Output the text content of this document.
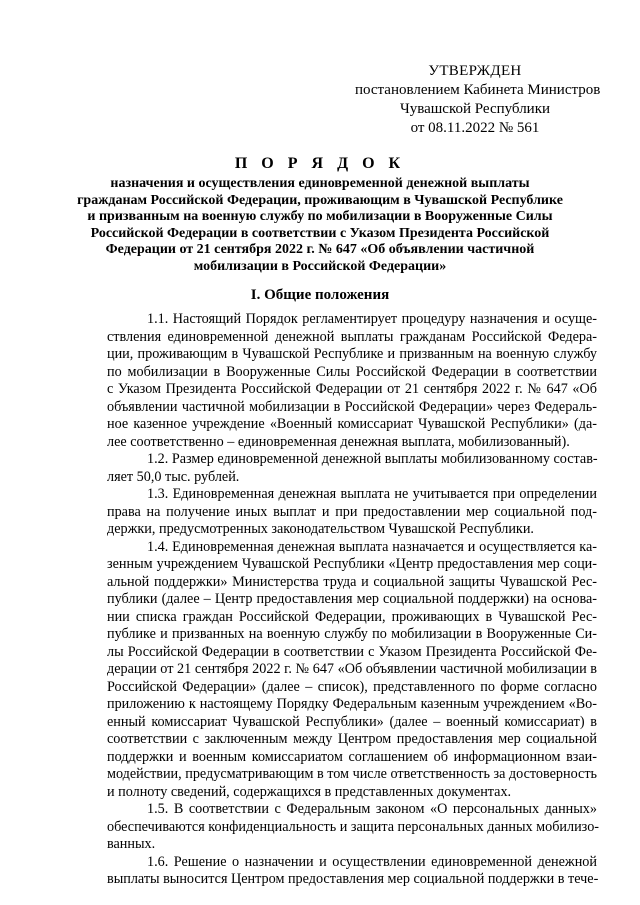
УТВЕРЖДЕН
постановлением Кабинета Министров
Чувашской Республики
от 08.11.2022 № 561
П О Р Я Д О К
назначения и осуществления единовременной денежной выплаты
гражданам Российской Федерации, проживающим в Чувашской Республике
и призванным на военную службу по мобилизации в Вооруженные Силы
Российской Федерации в соответствии с Указом Президента Российской
Федерации от 21 сентября 2022 г. № 647 «Об объявлении частичной
мобилизации в Российской Федерации»
I. Общие положения
1.1. Настоящий Порядок регламентирует процедуру назначения и осуще-
ствления единовременной денежной выплаты гражданам Российской Федера-
ции, проживающим в Чувашской Республике и призванным на военную службу
по мобилизации в Вооруженные Силы Российской Федерации в соответствии
с Указом Президента Российской Федерации от 21 сентября 2022 г. № 647 «Об
объявлении частичной мобилизации в Российской Федерации» через Федераль-
ное казенное учреждение «Военный комиссариат Чувашской Республики» (да-
лее соответственно – единовременная денежная выплата, мобилизованный).
1.2. Размер единовременной денежной выплаты мобилизованному состав-
ляет 50,0 тыс. рублей.
1.3. Единовременная денежная выплата не учитывается при определении
права на получение иных выплат и при предоставлении мер социальной под-
держки, предусмотренных законодательством Чувашской Республики.
1.4. Единовременная денежная выплата назначается и осуществляется ка-
зенным учреждением Чувашской Республики «Центр предоставления мер соци-
альной поддержки» Министерства труда и социальной защиты Чувашской Рес-
публики (далее – Центр предоставления мер социальной поддержки) на основа-
нии списка граждан Российской Федерации, проживающих в Чувашской Рес-
публике и призванных на военную службу по мобилизации в Вооруженные Си-
лы Российской Федерации в соответствии с Указом Президента Российской Фе-
дерации от 21 сентября 2022 г. № 647 «Об объявлении частичной мобилизации в
Российской Федерации» (далее – список), представленного по форме согласно
приложению к настоящему Порядку Федеральным казенным учреждением «Во-
енный комиссариат Чувашской Республики» (далее – военный комиссариат) в
соответствии с заключенным между Центром предоставления мер социальной
поддержки и военным комиссариатом соглашением об информационном взаи-
модействии, предусматривающим в том числе ответственность за достоверность
и полноту сведений, содержащихся в представленных документах.
1.5. В соответствии с Федеральным законом «О персональных данных»
обеспечиваются конфиденциальность и защита персональных данных мобилизо-
ванных.
1.6. Решение о назначении и осуществлении единовременной денежной
выплаты выносится Центром предоставления мер социальной поддержки в тече-
